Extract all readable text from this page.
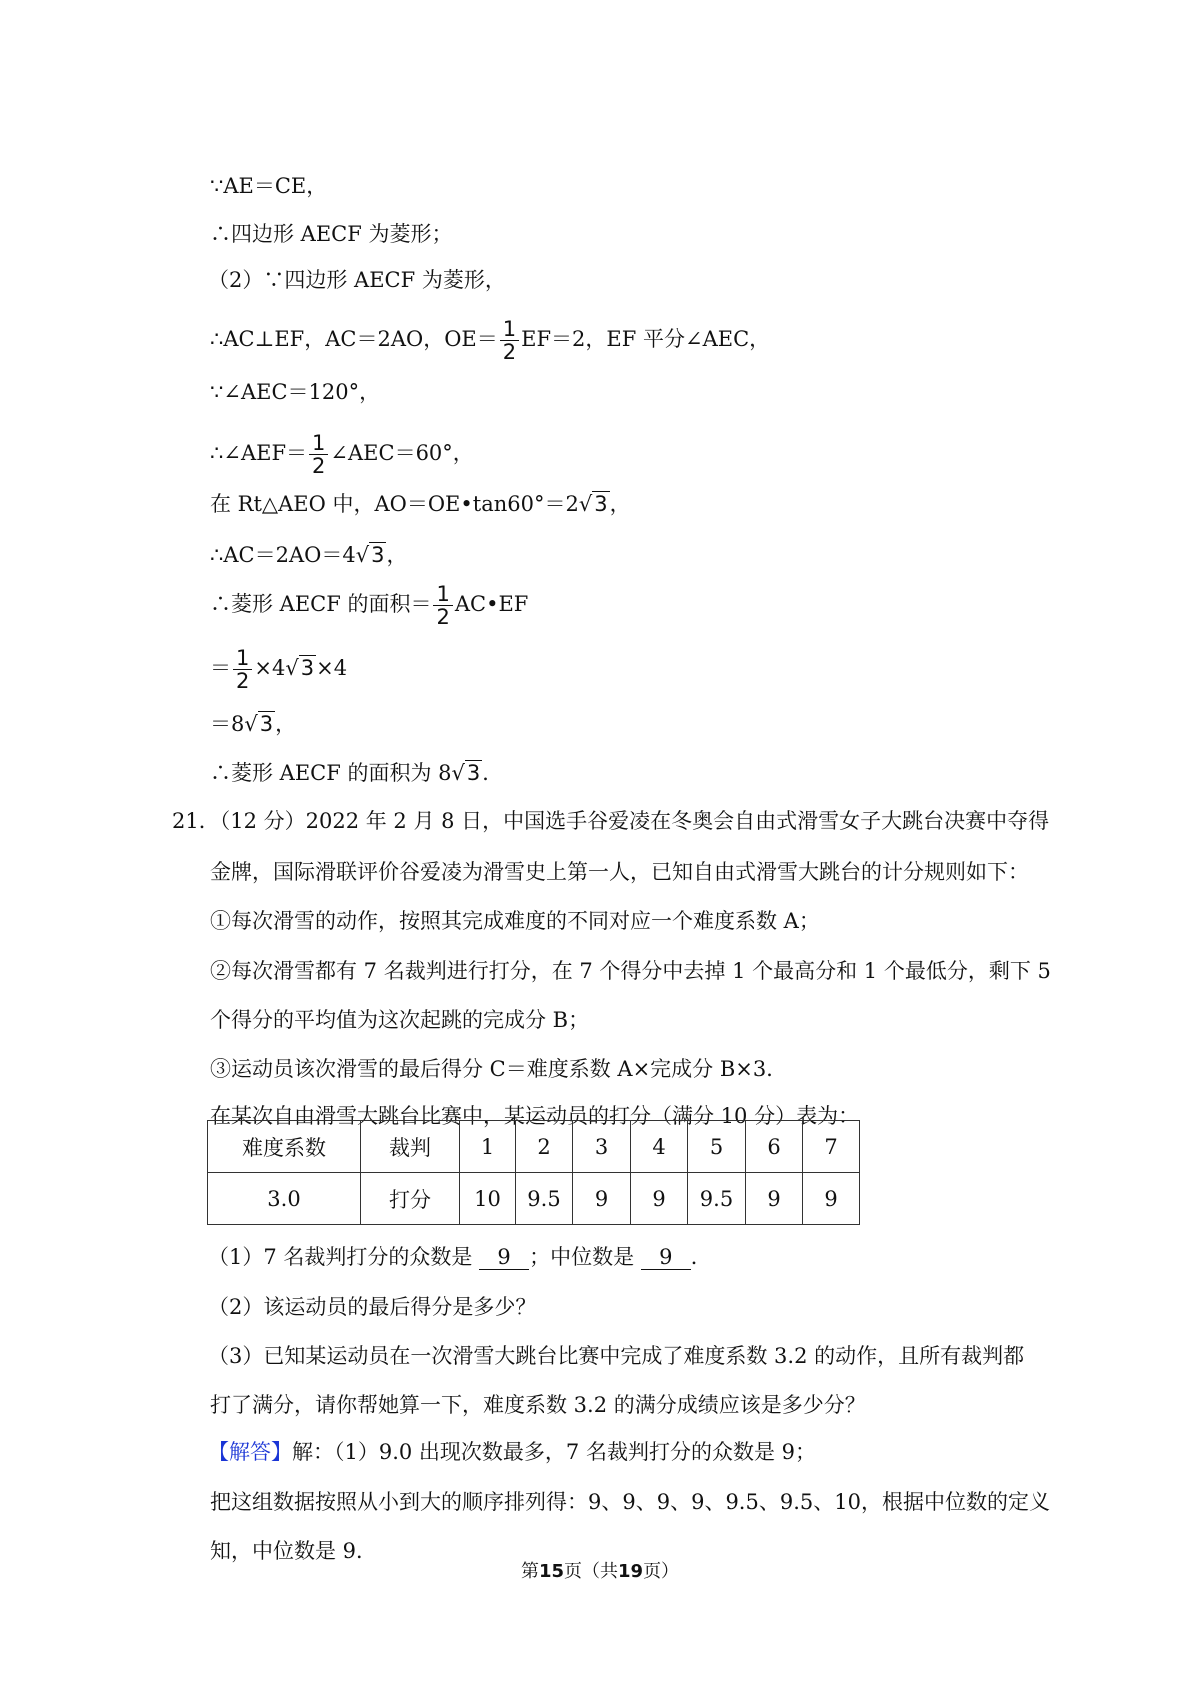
∵AE＝CE，
∴四边形 AECF 为菱形；
（2）∵四边形 AECF 为菱形，
∴AC⊥EF，AC＝2AO，$OE= \frac{1}{2} EF=2$，EF 平分∠AEC，
∵∠AEC＝120°，
∴∠AEF＝ $\frac{1}{2}$ ∠AEC＝60°，
在 Rt△AEO 中，AO＝OE•tan60°＝2√3，
∴AC＝2AO＝4√3，
∴菱形 AECF 的面积＝ $\frac{1}{2}$ AC•EF
＝ $\frac{1}{2} \times 4√3\times 4$
＝8√3，
∴菱形 AECF 的面积为 8√3．
21．（12 分）2022 年 2 月 8 日，中国选手谷爱凌在冬奥会自由式滑雪女子大跳台决赛中夺得
金牌，国际滑联评价谷爱凌为滑雪史上第一人，已知自由式滑雪大跳台的计分规则如下：
①每次滑雪的动作，按照其完成难度的不同对应一个难度系数 A；
②每次滑雪都有 7 名裁判进行打分，在 7 个得分中去掉 1 个最高分和 1 个最低分，剩下 5
个得分的平均值为这次起跳的完成分 B；
③运动员该次滑雪的最后得分 C＝难度系数 A×完成分 B×3．
在某次自由滑雪大跳台比赛中，某运动员的打分（满分 10 分）表为：
难度系数	裁判	1	2	3	4	5	6	7
3.0	打分	10	9.5	9	9	9.5	9	9
（1）7 名裁判打分的众数是 9 ；中位数是 9 ．
（2）该运动员的最后得分是多少？
（3）已知某运动员在一次滑雪大跳台比赛中完成了难度系数 3.2 的动作，且所有裁判都
打了满分，请你帮她算一下，难度系数 3.2 的满分成绩应该是多少分？
【解答】解：（1）9.0 出现次数最多，7 名裁判打分的众数是 9；
把这组数据按照从小到大的顺序排列得：9、9、9、9、9.5、9.5、10，根据中位数的定义
知，中位数是 9．
第15页（共19页）
